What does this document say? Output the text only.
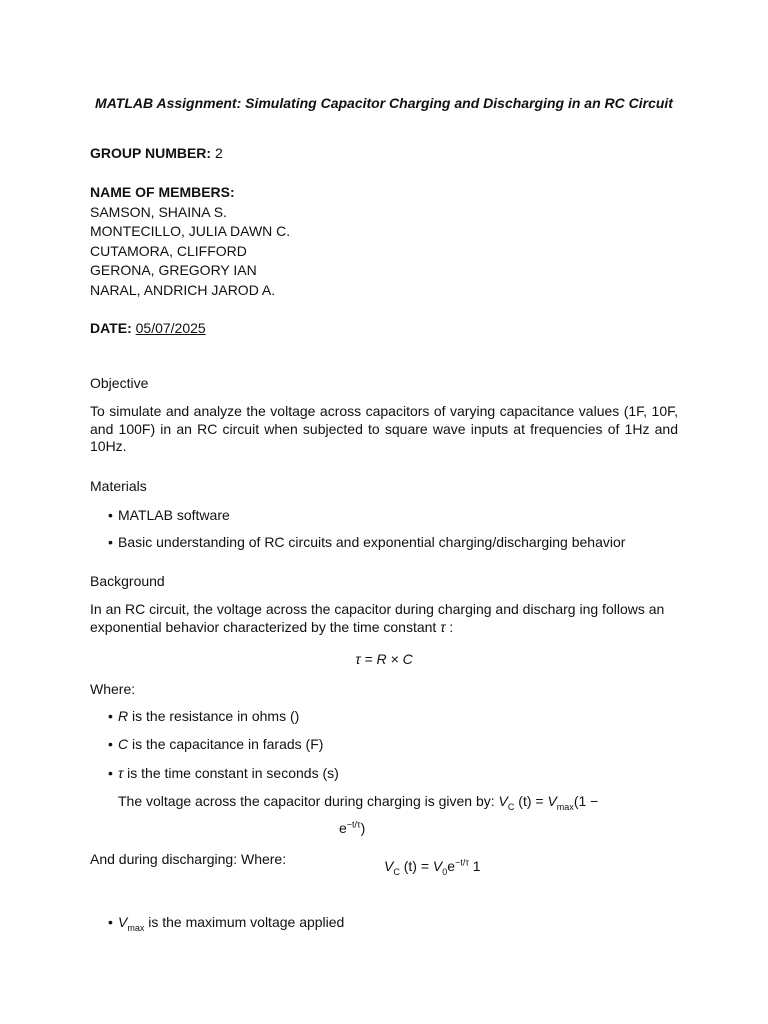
MATLAB Assignment: Simulating Capacitor Charging and Discharging in an RC Circuit
GROUP NUMBER: 2
NAME OF MEMBERS:
SAMSON, SHAINA S.
MONTECILLO, JULIA DAWN C.
CUTAMORA, CLIFFORD
GERONA, GREGORY IAN
NARAL, ANDRICH JAROD A.
DATE: 05/07/2025
Objective
To simulate and analyze the voltage across capacitors of varying capacitance values (1F, 10F, and 100F) in an RC circuit when subjected to square wave inputs at frequencies of 1Hz and 10Hz.
Materials
• MATLAB software
• Basic understanding of RC circuits and exponential charging/discharging behavior
Background
In an RC circuit, the voltage across the capacitor during charging and discharg ing follows an exponential behavior characterized by the time constant τ :
τ = R × C
Where:
• R is the resistance in ohms ()
• C is the capacitance in farads (F)
• τ is the time constant in seconds (s)
The voltage across the capacitor during charging is given by: $V_C$ $(t) = V_{max}(1$ −
$e^{-t/\tau}$)
And during discharging: Where:	$V_C$ $(t) = V_0e^{-t/\tau}$ 1
• $V_{max}$ is the maximum voltage applied
